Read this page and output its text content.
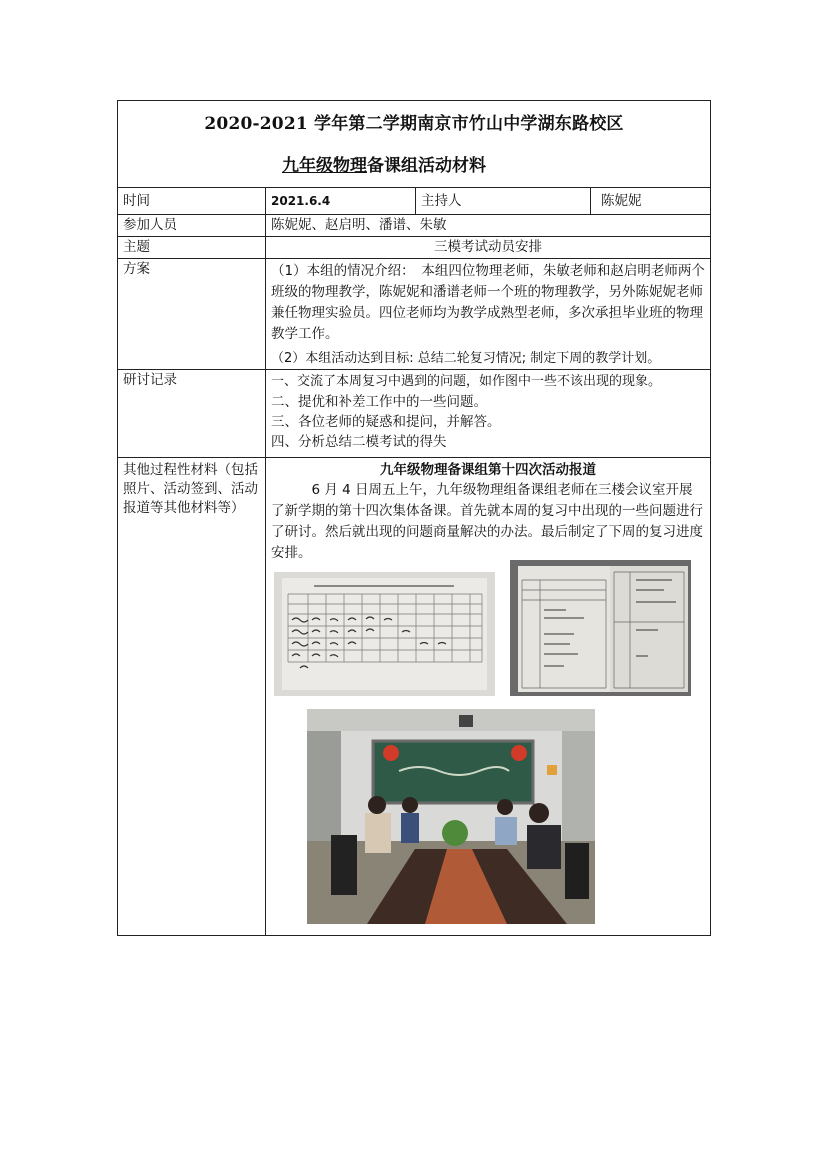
2020-2021 学年第二学期南京市竹山中学湖东路校区
九年级物理备课组活动材料			

时间	2021.6.4	主持人	陈妮妮
参加人员	陈妮妮、赵启明、潘谱、朱敏		
主题	三模考试动员安排		
方案	（1）本组的情况介绍：　本组四位物理老师，朱敏老师和赵启明老师两个班级的物理教学，陈妮妮和潘谱老师一个班的物理教学，另外陈妮妮老师兼任物理实验员。四位老师均为教学成熟型老师，多次承担毕业班的物理教学工作。

（2）本组活动达到目标: 总结二轮复习情况; 制定下周的教学计划。		

研讨记录	一、交流了本周复习中遇到的问题，如作图中一些不该出现的现象。

二、提优和补差工作中的一些问题。

三、各位老师的疑惑和提问，并解答。

四、分析总结二模考试的得失		

其他过程性材料（包括照片、活动签到、活动报道等其他材料等）	九年级物理备课组第十四次活动报道

6 月 4 日周五上午，九年级物理组备课组老师在三楼会议室开展了新学期的第十四次集体备课。首先就本周的复习中出现的一些问题进行了研讨。然后就出现的问题商量解决的办法。最后制定了下周的复习进度安排。		
